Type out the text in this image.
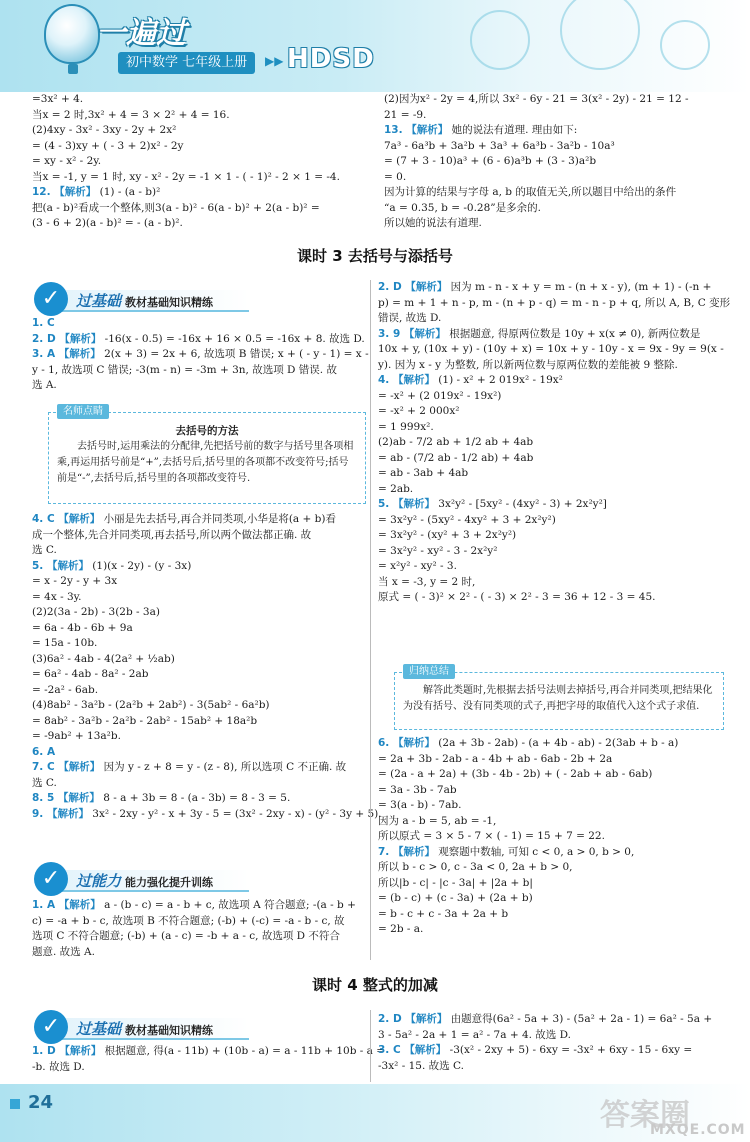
一遍过
初中数学 七年级上册	▶▶ HDSD

=3x² + 4.

当x = 2 时,3x² + 4 = 3 × 2² + 4 = 16.

(2)4xy - 3x² - 3xy - 2y + 2x²

= (4 - 3)xy + ( - 3 + 2)x² - 2y

= xy - x² - 2y.

当x = -1, y = 1 时, xy - x² - 2y = -1 × 1 - ( - 1)² - 2 × 1 = -4.

12. 【解析】 (1) - (a - b)²

把(a - b)²看成一个整体,则3(a - b)² - 6(a - b)² + 2(a - b)² =

(3 - 6 + 2)(a - b)² = - (a - b)².

(2)因为x² - 2y = 4,所以 3x² - 6y - 21 = 3(x² - 2y) - 21 = 12 -

21 = -9.

13. 【解析】 她的说法有道理. 理由如下:

7a³ - 6a³b + 3a²b + 3a³ + 6a³b - 3a²b - 10a³

= (7 + 3 - 10)a³ + (6 - 6)a³b + (3 - 3)a²b

= 0.

因为计算的结果与字母 a, b 的取值无关,所以题目中给出的条件

“a = 0.35, b = -0.28”是多余的.

所以她的说法有道理.

课时 3 去括号与添括号
过基础 教材基础知识精练
✓

1. C

2. D 【解析】 -16(x - 0.5) = -16x + 16 × 0.5 = -16x + 8. 故选 D.

3. A 【解析】 2(x + 3) = 2x + 6, 故选项 B 错误; x + ( - y - 1) = x -

y - 1, 故选项 C 错误; -3(m - n) = -3m + 3n, 故选项 D 错误. 故

选 A.

名师点睛
去括号的方法

去括号时,运用乘法的分配律,先把括号前的数字与括号里各项相乘,再运用括号前是“+”,去括号后,括号里的各项都不改变符号;括号前是“-”,去括号后,括号里的各项都改变符号.

4. C 【解析】 小丽是先去括号,再合并同类项,小华是将(a + b)看

成一个整体,先合并同类项,再去括号,所以两个做法都正确. 故

选 C.

5. 【解析】 (1)(x - 2y) - (y - 3x)

= x - 2y - y + 3x

= 4x - 3y.

(2)2(3a - 2b) - 3(2b - 3a)

= 6a - 4b - 6b + 9a

= 15a - 10b.

(3)6a² - 4ab - 4(2a² + ½ab)

= 6a² - 4ab - 8a² - 2ab

= -2a² - 6ab.

(4)8ab² - 3a²b - (2a²b + 2ab²) - 3(5ab² - 6a²b)

= 8ab² - 3a²b - 2a²b - 2ab² - 15ab² + 18a²b

= -9ab² + 13a²b.

6. A

7. C 【解析】 因为 y - z + 8 = y - (z - 8), 所以选项 C 不正确. 故

选 C.

8. 5 【解析】 8 - a + 3b = 8 - (a - 3b) = 8 - 3 = 5.

9. 【解析】 3x² - 2xy - y² - x + 3y - 5 = (3x² - 2xy - x) - (y² - 3y + 5).

过能力 能力强化提升训练
✓

1. A 【解析】 a - (b - c) = a - b + c, 故选项 A 符合题意; -(a - b +

c) = -a + b - c, 故选项 B 不符合题意; (-b) + (-c) = -a - b - c, 故

选项 C 不符合题意; (-b) + (a - c) = -b + a - c, 故选项 D 不符合

题意. 故选 A.

2. D 【解析】 因为 m - n - x + y = m - (n + x - y), (m + 1) - (-n +

p) = m + 1 + n - p, m - (n + p - q) = m - n - p + q, 所以 A, B, C 变形

错误, 故选 D.

3. 9 【解析】 根据题意, 得原两位数是 10y + x(x ≠ 0), 新两位数是

10x + y, (10x + y) - (10y + x) = 10x + y - 10y - x = 9x - 9y = 9(x -

y). 因为 x - y 为整数, 所以新两位数与原两位数的差能被 9 整除.

4. 【解析】 (1) - x² + 2 019x² - 19x²

= -x² + (2 019x² - 19x²)

= -x² + 2 000x²

= 1 999x².

(2)ab - 7/2 ab + 1/2 ab + 4ab

= ab - (7/2 ab - 1/2 ab) + 4ab

= ab - 3ab + 4ab

= 2ab.

5. 【解析】 3x²y² - [5xy² - (4xy² - 3) + 2x²y²]

= 3x²y² - (5xy² - 4xy² + 3 + 2x²y²)

= 3x²y² - (xy² + 3 + 2x²y²)

= 3x²y² - xy² - 3 - 2x²y²

= x²y² - xy² - 3.

当 x = -3, y = 2 时,

原式 = ( - 3)² × 2² - ( - 3) × 2² - 3 = 36 + 12 - 3 = 45.

归纳总结

解答此类题时,先根据去括号法则去掉括号,再合并同类项,把结果化为没有括号、没有同类项的式子,再把字母的取值代入这个式子求值.

6. 【解析】 (2a + 3b - 2ab) - (a + 4b - ab) - 2(3ab + b - a)

= 2a + 3b - 2ab - a - 4b + ab - 6ab - 2b + 2a

= (2a - a + 2a) + (3b - 4b - 2b) + ( - 2ab + ab - 6ab)

= 3a - 3b - 7ab

= 3(a - b) - 7ab.

因为 a - b = 5, ab = -1,

所以原式 = 3 × 5 - 7 × ( - 1) = 15 + 7 = 22.

7. 【解析】 观察题中数轴, 可知 c < 0, a > 0, b > 0,

所以 b - c > 0, c - 3a < 0, 2a + b > 0,

所以|b - c| - |c - 3a| + |2a + b|

= (b - c) + (c - 3a) + (2a + b)

= b - c + c - 3a + 2a + b

= 2b - a.

课时 4 整式的加减
过基础 教材基础知识精练
✓

1. D 【解析】 根据题意, 得(a - 11b) + (10b - a) = a - 11b + 10b - a =

-b. 故选 D.

2. D 【解析】 由题意得(6a² - 5a + 3) - (5a² + 2a - 1) = 6a² - 5a +

3 - 5a² - 2a + 1 = a² - 7a + 4. 故选 D.

3. C 【解析】 -3(x² - 2xy + 5) - 6xy = -3x² + 6xy - 15 - 6xy =

-3x² - 15. 故选 C.

24	答案圈
MXQE.COM
